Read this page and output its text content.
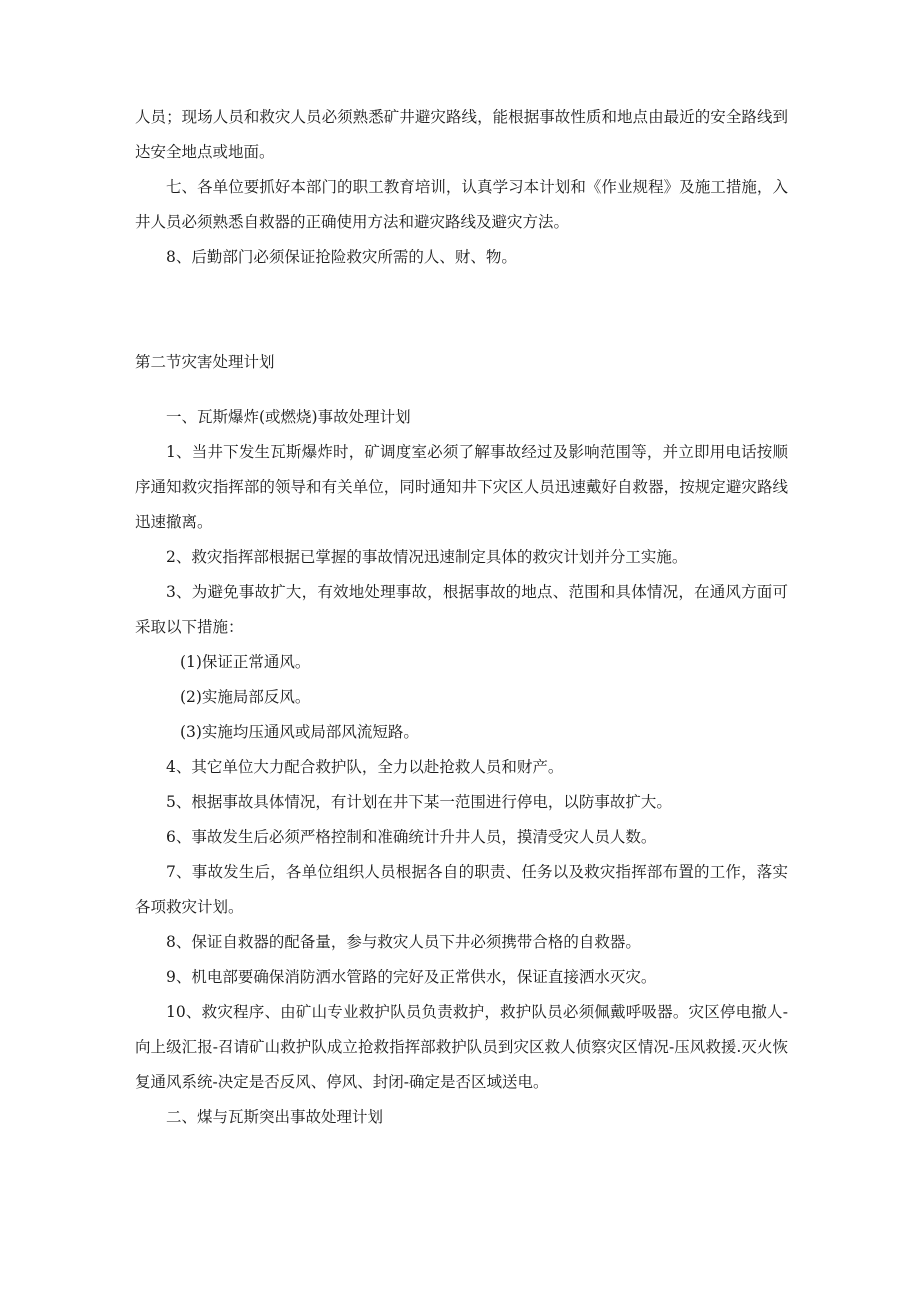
人员；现场人员和救灾人员必须熟悉矿井避灾路线，能根据事故性质和地点由最近的安全路线到达安全地点或地面。

七、各单位要抓好本部门的职工教育培训，认真学习本计划和《作业规程》及施工措施，入井人员必须熟悉自救器的正确使用方法和避灾路线及避灾方法。

8、后勤部门必须保证抢险救灾所需的人、财、物。

第二节灾害处理计划

一、瓦斯爆炸(或燃烧)事故处理计划

1、当井下发生瓦斯爆炸时，矿调度室必须了解事故经过及影响范围等，并立即用电话按顺序通知救灾指挥部的领导和有关单位，同时通知井下灾区人员迅速戴好自救器，按规定避灾路线迅速撤离。

2、救灾指挥部根据已掌握的事故情况迅速制定具体的救灾计划并分工实施。

3、为避免事故扩大，有效地处理事故，根据事故的地点、范围和具体情况，在通风方面可采取以下措施：

(1)保证正常通风。

(2)实施局部反风。

(3)实施均压通风或局部风流短路。

4、其它单位大力配合救护队，全力以赴抢救人员和财产。

5、根据事故具体情况，有计划在井下某一范围进行停电，以防事故扩大。

6、事故发生后必须严格控制和准确统计升井人员，摸清受灾人员人数。

7、事故发生后，各单位组织人员根据各自的职责、任务以及救灾指挥部布置的工作，落实各项救灾计划。

8、保证自救器的配备量，参与救灾人员下井必须携带合格的自救器。

9、机电部要确保消防洒水管路的完好及正常供水，保证直接洒水灭灾。

10、救灾程序、由矿山专业救护队员负责救护，救护队员必须佩戴呼吸器。灾区停电撤人-向上级汇报-召请矿山救护队成立抢救指挥部救护队员到灾区救人侦察灾区情况-压风救援.灭火恢复通风系统-决定是否反风、停风、封闭-确定是否区域送电。

二、煤与瓦斯突出事故处理计划
